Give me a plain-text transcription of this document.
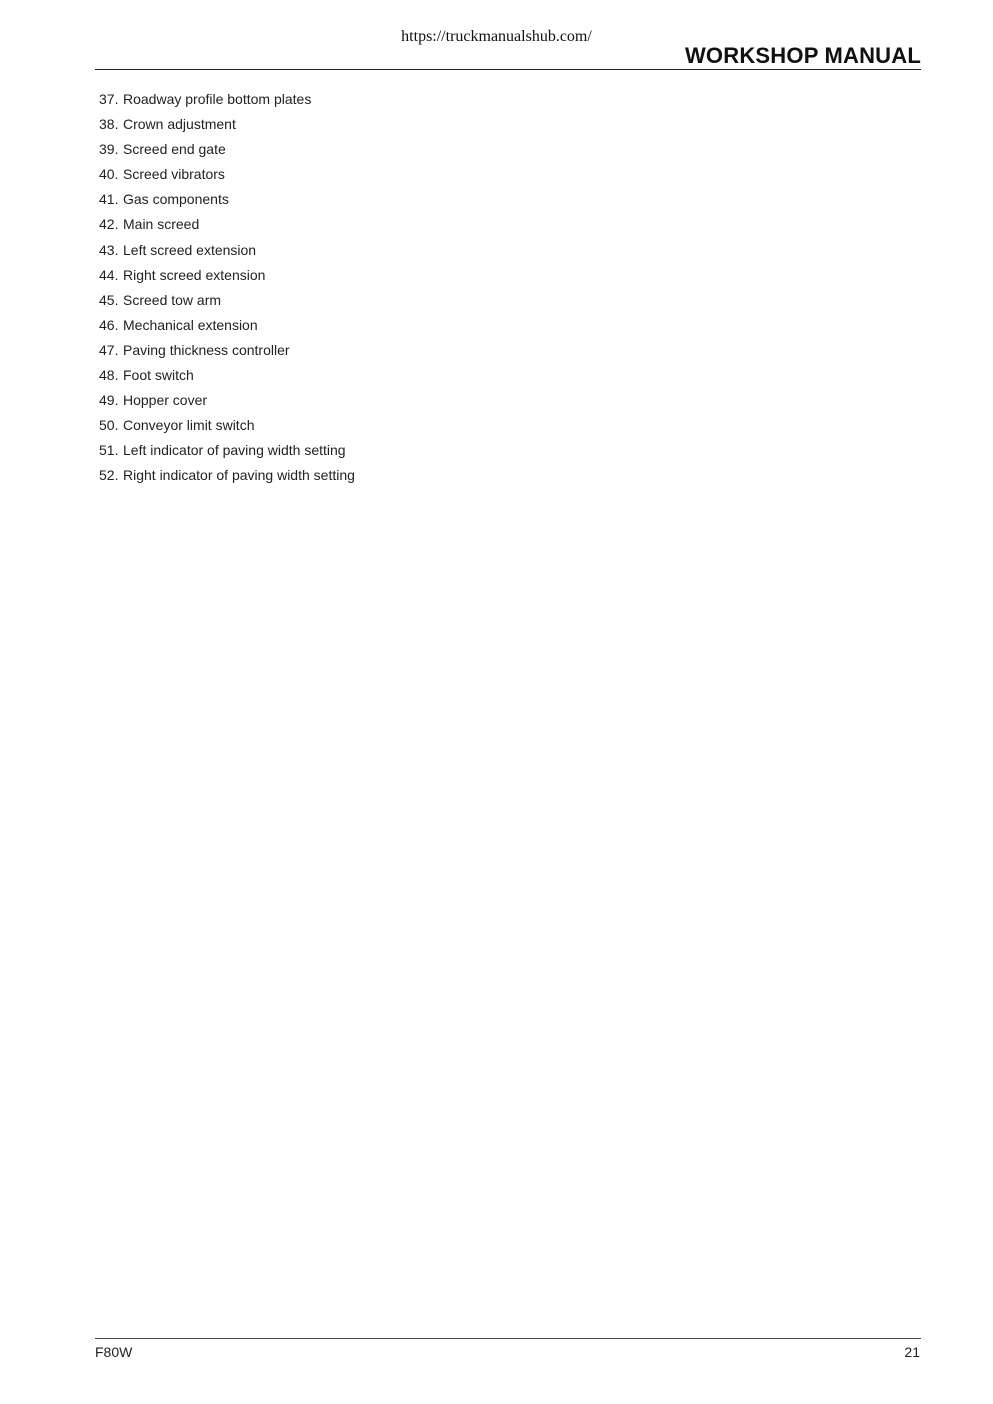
https://truckmanualshub.com/
WORKSHOP MANUAL
37. Roadway profile bottom plates
38. Crown adjustment
39. Screed end gate
40. Screed vibrators
41. Gas components
42. Main screed
43. Left screed extension
44. Right screed extension
45. Screed tow arm
46. Mechanical extension
47. Paving thickness controller
48. Foot switch
49. Hopper cover
50. Conveyor limit switch
51. Left indicator of paving width setting
52. Right indicator of paving width setting
F80W	21
